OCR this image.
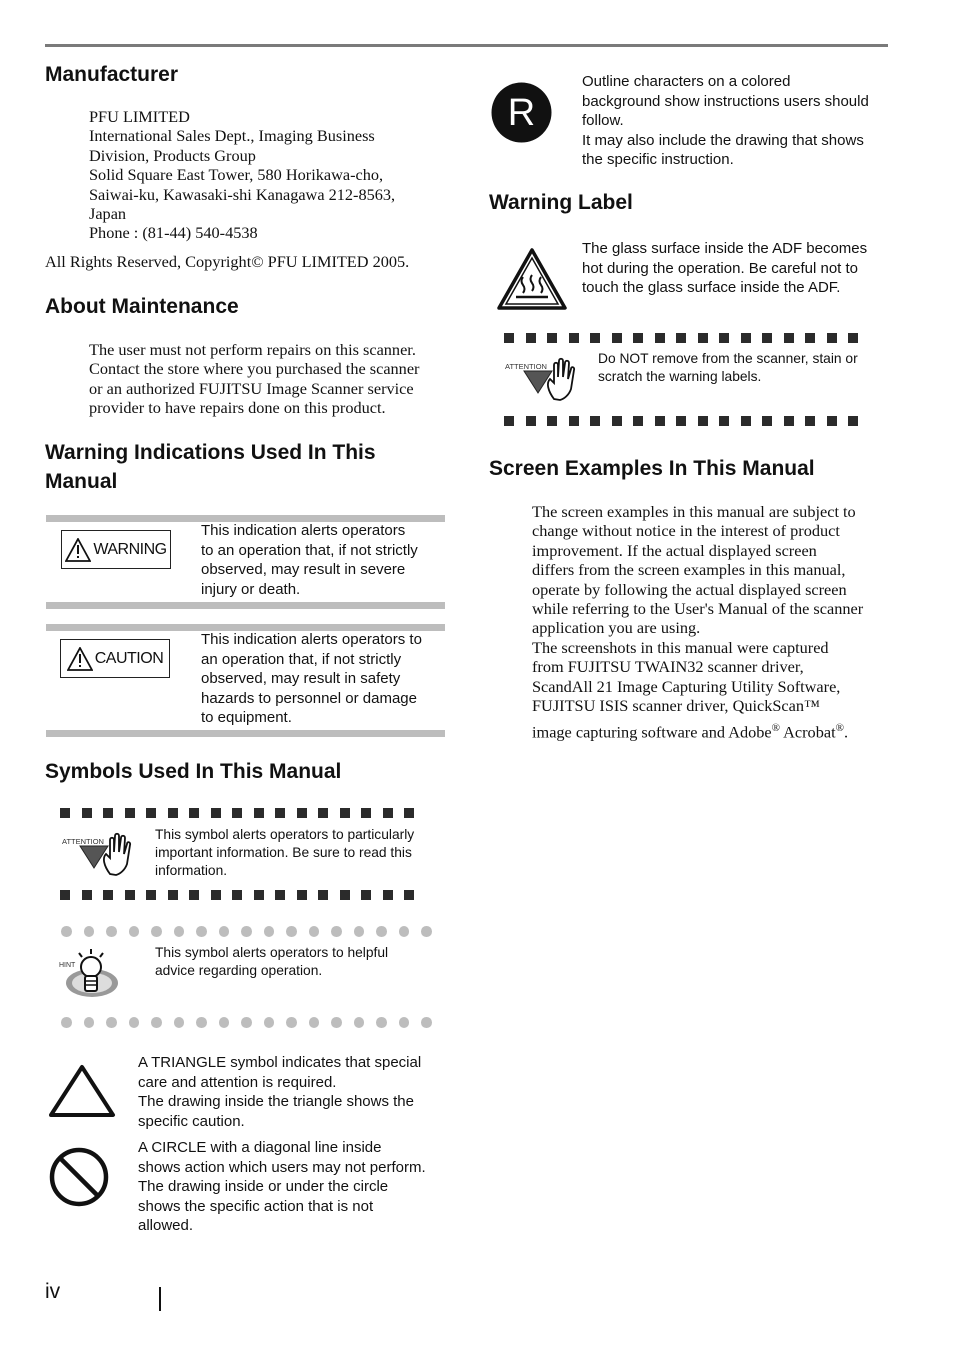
Manufacturer
PFU LIMITED
International Sales Dept., Imaging Business
Division, Products Group
Solid Square East Tower, 580 Horikawa-cho,
Saiwai-ku, Kawasaki-shi Kanagawa 212-8563,
Japan
Phone : (81-44) 540-4538
All Rights Reserved, Copyright© PFU LIMITED 2005.
About Maintenance
The user must not perform repairs on this scanner.
Contact the store where you purchased the scanner
or an authorized FUJITSU Image Scanner service
provider to have repairs done on this product.
Warning Indications Used In This
Manual
WARNING
This indication alerts operators
to an operation that, if not strictly
observed, may result in severe
injury or death.
CAUTION
This indication alerts operators to
an operation that, if not strictly
observed, may result in safety
hazards to personnel or damage
to equipment.
Symbols Used In This Manual
ATTENTION	This symbol alerts operators to particularly
important information. Be sure to read this
information.
HINT
This symbol alerts operators to helpful
advice regarding operation.
A TRIANGLE symbol indicates that special
care and attention is required.
The drawing inside the triangle shows the
specific caution.
A CIRCLE with a diagonal line inside
shows action which users may not perform.
The drawing inside or under the circle
shows the specific action that is not
allowed.
R
Outline characters on a colored
background show instructions users should
follow.
It may also include the drawing that shows
the specific instruction.
Warning Label
The glass surface inside the ADF becomes
hot during the operation. Be careful not to
touch the glass surface inside the ADF.
ATTENTION
Do NOT remove from the scanner, stain or
scratch the warning labels.
Screen Examples In This Manual
The screen examples in this manual are subject to
change without notice in the interest of product
improvement. If the actual displayed screen
differs from the screen examples in this manual,
operate by following the actual displayed screen
while referring to the User's Manual of the scanner
application you are using.
The screenshots in this manual were captured
from FUJITSU TWAIN32 scanner driver,
ScandAll 21 Image Capturing Utility Software,
FUJITSU ISIS scanner driver, QuickScan™
image capturing software and Adobe® Acrobat®.
iv
